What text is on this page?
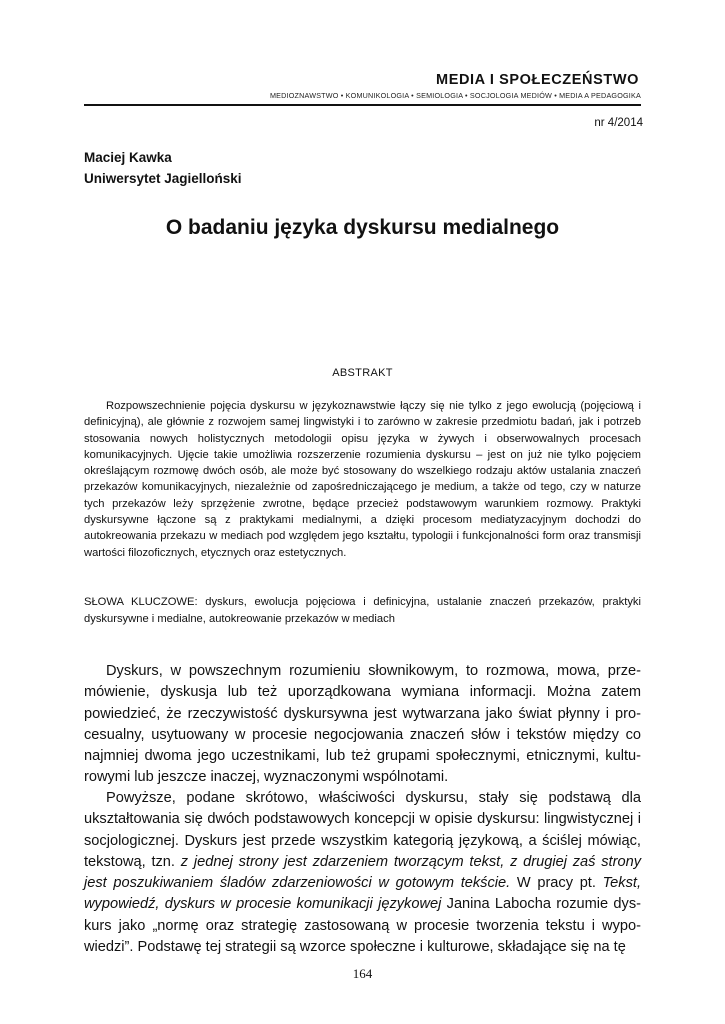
MEDIA I SPOŁECZEŃSTWO
MEDIOZNAWSTWO • KOMUNIKOLOGIA • SEMIOLOGIA • SOCJOLOGIA MEDIÓW • MEDIA A PEDAGOGIKA
nr 4/2014
Maciej Kawka
Uniwersytet Jagielloński
O badaniu języka dyskursu medialnego
ABSTRAKT

Rozpowszechnienie pojęcia dyskursu w językoznawstwie łączy się nie tylko z jego ewolucją (pojęciową i definicyjną), ale głównie z rozwojem samej lingwistyki i to zarówno w zakresie przedmiotu badań, jak i potrzeb stosowania nowych holistycznych metodologii opisu języka w żywych i obserwowalnych procesach komunikacyjnych. Ujęcie takie umożliwia rozszerzenie rozumienia dyskursu – jest on już nie tylko pojęciem określającym rozmowę dwóch osób, ale może być stosowany do wszelkiego rodzaju aktów ustalania znaczeń przekazów komunikacyjnych, niezależnie od zapośredniczającego je medium, a także od tego, czy w naturze tych przekazów leży sprzężenie zwrotne, będące przecież podstawowym warunkiem rozmowy. Praktyki dyskursywne łączone są z praktykami medialnymi, a dzięki procesom mediatyzacyjnym dochodzi do autokreowania przekazu w mediach pod względem jego kształtu, typologii i funkcjonalności form oraz transmisji wartości filozoficznych, etycznych oraz estetycznych.

SŁOWA KLUCZOWE: dyskurs, ewolucja pojęciowa i definicyjna, ustalanie znaczeń przekazów, praktyki dyskursywne i medialne, autokreowanie przekazów w mediach

Dyskurs, w powszechnym rozumieniu słownikowym, to rozmowa, mowa, przemówienie, dyskusja lub też uporządkowana wymiana informacji. Można zatem powiedzieć, że rzeczywistość dyskursywna jest wytwarzana jako świat płynny i procesualny, usytuowany w procesie negocjowania znaczeń słów i tekstów między co najmniej dwoma jego uczestnikami, lub też grupami społecznymi, etnicznymi, kulturowymi lub jeszcze inaczej, wyznaczonymi wspólnotami.

Powyższe, podane skrótowo, właściwości dyskursu, stały się podstawą dla ukształtowania się dwóch podstawowych koncepcji w opisie dyskursu: lingwistycznej i socjologicznej. Dyskurs jest przede wszystkim kategorią językową, a ściślej mówiąc, tekstową, tzn. z jednej strony jest zdarzeniem tworzącym tekst, z drugiej zaś strony jest poszukiwaniem śladów zdarzeniowości w gotowym tekście. W pracy pt. Tekst, wypowiedź, dyskurs w procesie komunikacji językowej Janina Labocha rozumie dyskurs jako „normę oraz strategię zastosowaną w procesie tworzenia tekstu i wypowiedzi”. Podstawę tej strategii są wzorce społeczne i kulturowe, składające się na tę

164
